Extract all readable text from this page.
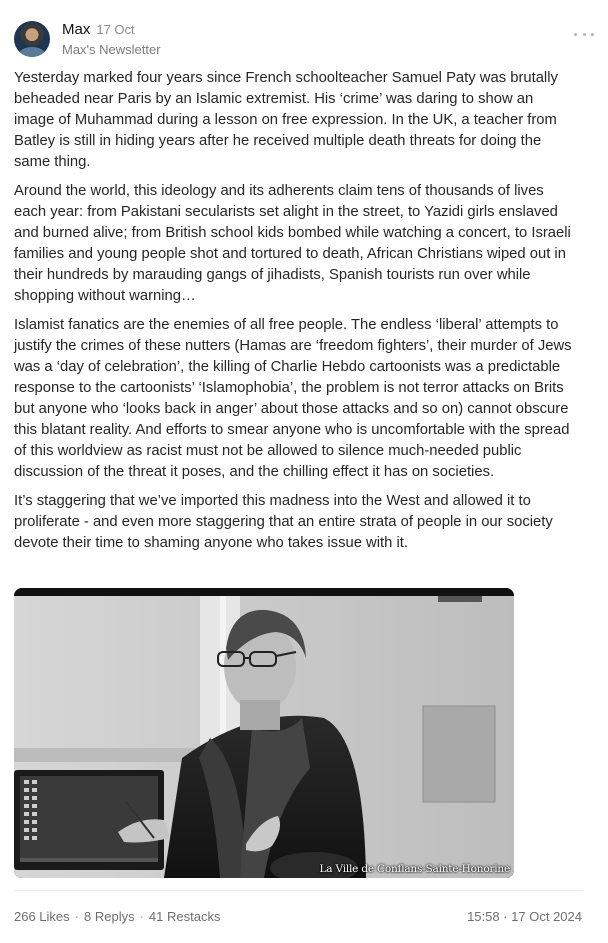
Max 17 Oct
Max's Newsletter

Yesterday marked four years since French schoolteacher Samuel Paty was brutally beheaded near Paris by an Islamic extremist. His ‘crime’ was daring to show an image of Muhammad during a lesson on free expression. In the UK, a teacher from Batley is still in hiding years after he received multiple death threats for doing the same thing.

Around the world, this ideology and its adherents claim tens of thousands of lives each year: from Pakistani secularists set alight in the street, to Yazidi girls enslaved and burned alive; from British school kids bombed while watching a concert, to Israeli families and young people shot and tortured to death, African Christians wiped out in their hundreds by marauding gangs of jihadists, Spanish tourists run over while shopping without warning…

Islamist fanatics are the enemies of all free people. The endless ‘liberal’ attempts to justify the crimes of these nutters (Hamas are ‘freedom fighters’, their murder of Jews was a ‘day of celebration’, the killing of Charlie Hebdo cartoonists was a predictable response to the cartoonists’ ‘Islamophobia’, the problem is not terror attacks on Brits but anyone who ‘looks back in anger’ about those attacks and so on) cannot obscure this blatant reality. And efforts to smear anyone who is uncomfortable with the spread of this worldview as racist must not be allowed to silence much-needed public discussion of the threat it poses, and the chilling effect it has on societies.

It’s staggering that we’ve imported this madness into the West and allowed it to proliferate - and even more staggering that an entire strata of people in our society devote their time to shaming anyone who takes issue with it.

La Ville de Conflans-Sainte-Honorine
266 Likes · 8 Replys · 41 Restacks	15:58 · 17 Oct 2024
